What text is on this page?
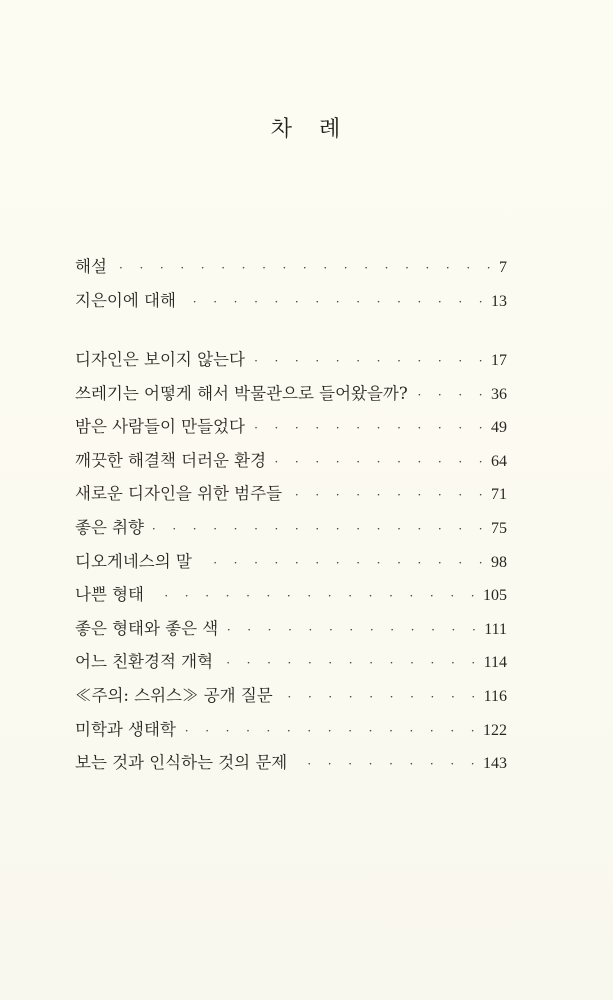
차 례
해설 · · ·	7
지은이에 대해 · · ·	13
디자인은 보이지 않는다 · · ·	17
쓰레기는 어떻게 해서 박물관으로 들어왔을까? · · ·	36
밤은 사람들이 만들었다 · · ·	49
깨끗한 해결책 더러운 환경 · · ·	64
새로운 디자인을 위한 범주들 · · ·	71
좋은 취향 · · ·	75
디오게네스의 말 · · ·	98
나쁜 형태 · · ·	105
좋은 형태와 좋은 색 · · ·	111
어느 친환경적 개혁 · · ·	114
≪주의: 스위스≫ 공개 질문 · · ·	116
미학과 생태학 · · ·	122
보는 것과 인식하는 것의 문제 · · ·	143
